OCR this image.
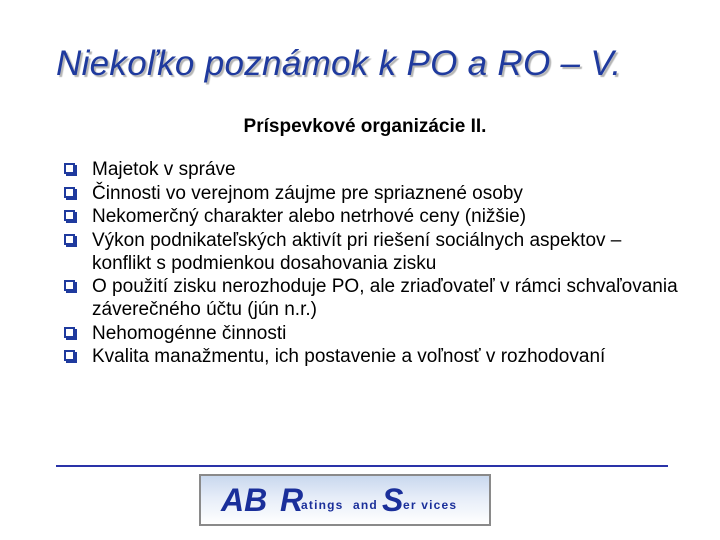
Niekoľko poznámok k PO a RO – V.
Príspevkové organizácie II.
Majetok v správe
Činnosti vo verejnom záujme pre spriaznené osoby
Nekomerčný charakter alebo netrhové ceny (nižšie)
Výkon podnikateľských aktivít pri riešení sociálnych aspektov – konflikt s podmienkou dosahovania zisku
O použití zisku nerozhoduje PO, ale zriaďovateľ v rámci schvaľovania záverečného účtu (jún n.r.)
Nehomogénne činnosti
Kvalita manažmentu, ich postavenie a voľnosť v rozhodovaní
AB R
atings and S er vices
